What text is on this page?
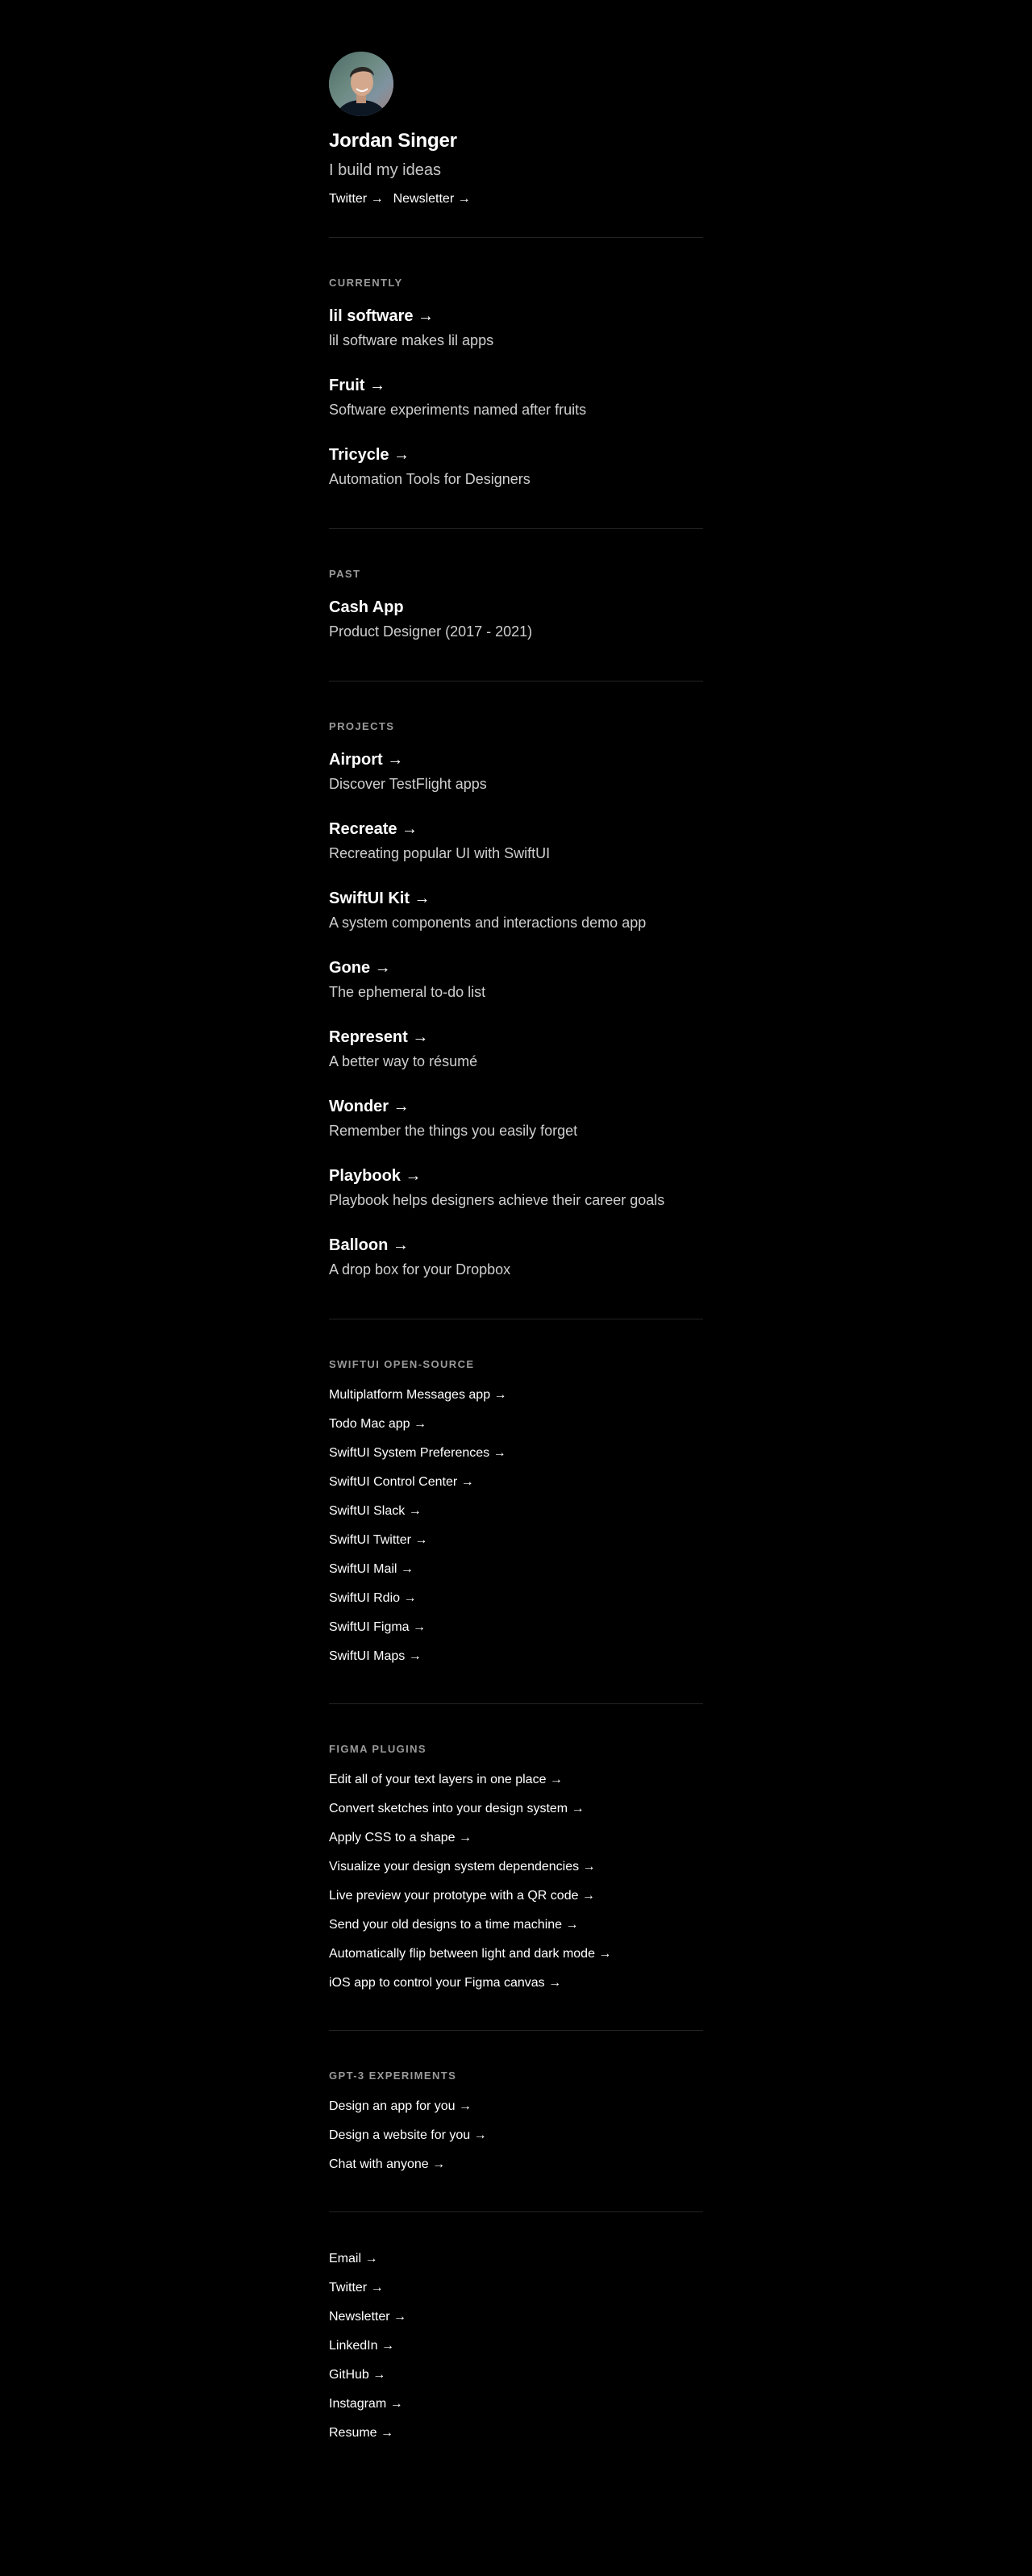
Jordan Singer

I build my ideas

Twitter → Newsletter →
CURRENTLY
lil software →

lil software makes lil apps

Fruit →

Software experiments named after fruits

Tricycle →

Automation Tools for Designers

PAST
Cash App

Product Designer (2017 - 2021)

PROJECTS
Airport →

Discover TestFlight apps

Recreate →

Recreating popular UI with SwiftUI

SwiftUI Kit →

A system components and interactions demo app

Gone →

The ephemeral to-do list

Represent →

A better way to résumé

Wonder →

Remember the things you easily forget

Playbook →

Playbook helps designers achieve their career goals

Balloon →

A drop box for your Dropbox

SWIFTUI OPEN-SOURCE
Multiplatform Messages app →
Todo Mac app →
SwiftUI System Preferences →
SwiftUI Control Center →
SwiftUI Slack →
SwiftUI Twitter →
SwiftUI Mail →
SwiftUI Rdio →
SwiftUI Figma →
SwiftUI Maps →
FIGMA PLUGINS
Edit all of your text layers in one place →
Convert sketches into your design system →
Apply CSS to a shape →
Visualize your design system dependencies →
Live preview your prototype with a QR code →
Send your old designs to a time machine →
Automatically flip between light and dark mode →
iOS app to control your Figma canvas →
GPT-3 EXPERIMENTS
Design an app for you →
Design a website for you →
Chat with anyone →
Email →
Twitter →
Newsletter →
LinkedIn →
GitHub →
Instagram →
Resume →
